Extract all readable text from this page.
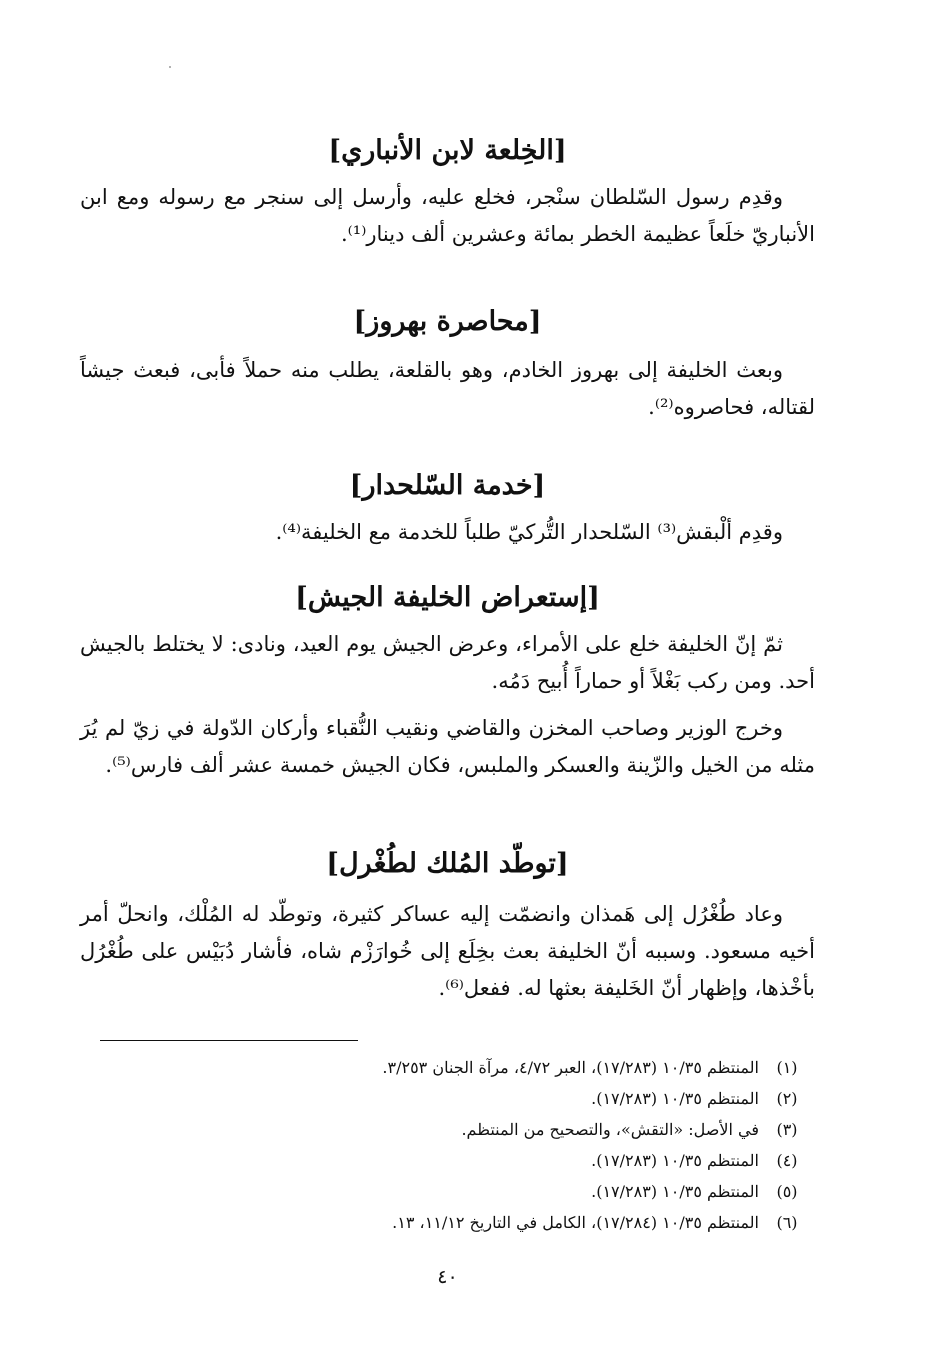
[الخِلعة لابن الأنباري]

وقدِم رسول السّلطان سنْجر، فخلع عليه، وأرسل إلى سنجر مع رسوله ومع ابن الأنباريّ خلَعاً عظيمة الخطر بمائة وعشرين ألف دينار⁽¹⁾.

[محاصرة بهروز]

وبعث الخليفة إلى بهروز الخادم، وهو بالقلعة، يطلب منه حملاً فأبى، فبعث جيشاً لقتاله، فحاصروه⁽²⁾.

[خدمة السّلحدار]

وقدِم ألْبقش⁽³⁾ السّلحدار التُّركيّ طلباً للخدمة مع الخليفة⁽⁴⁾.

[إستعراض الخليفة الجيش]

ثمّ إنّ الخليفة خلع على الأمراء، وعرض الجيش يوم العيد، ونادى: لا يختلط بالجيش أحد. ومن ركب بَغْلاً أو حماراً أُبيح دَمُه.

وخرج الوزير وصاحب المخزن والقاضي ونقيب النُّقباء وأركان الدّولة في زيّ لم يُرَ مثله من الخيل والزّينة والعسكر والملبس، فكان الجيش خمسة عشر ألف فارس⁽⁵⁾.

[توطّد المُلك لطُغْرل]

وعاد طُغْرُل إلى هَمذان وانضمّت إليه عساكر كثيرة، وتوطّد له المُلْك، وانحلّ أمر أخيه مسعود. وسببه أنّ الخليفة بعث بخِلَع إلى خُوارَزْم شاه، فأشار دُبَيْس على طُغْرُل بأخْذها، وإظهار أنّ الخَليفة بعثها له. ففعل⁽⁶⁾.

(١)
المنتظم ١٠/٣٥ (١٧/٢٨٣)، العبر ٤/٧٢، مرآة الجنان ٣/٢٥٣.
(٢)
المنتظم ١٠/٣٥ (١٧/٢٨٣).
(٣)
في الأصل: «التقش»، والتصحيح من المنتظم.
(٤)
المنتظم ١٠/٣٥ (١٧/٢٨٣).
(٥)
المنتظم ١٠/٣٥ (١٧/٢٨٣).
(٦)
المنتظم ١٠/٣٥ (١٧/٢٨٤)، الكامل في التاريخ ١١/١٢، ١٣.
٤٠
